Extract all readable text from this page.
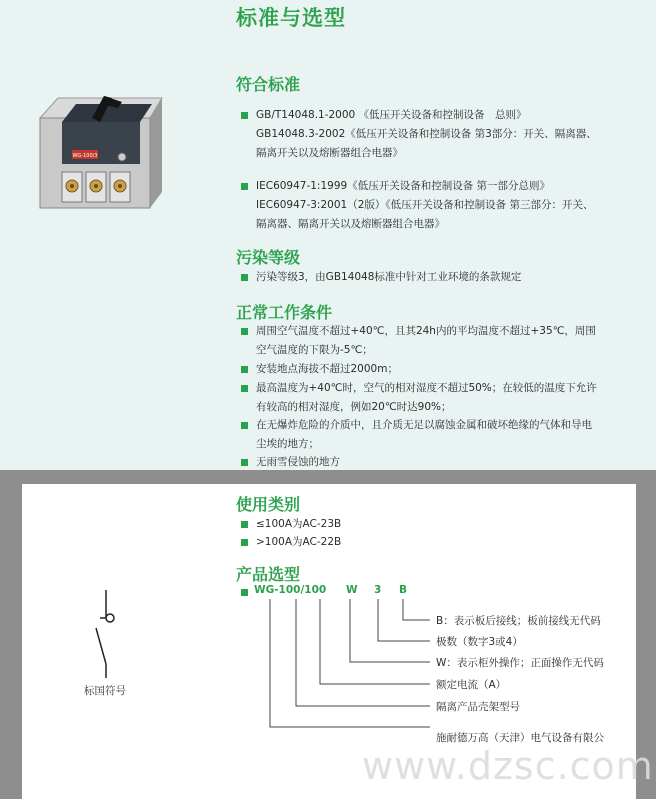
标准与选型
WG-100/3
符合标准
GB/T14048.1-2000 《低压开关设备和控制设备　总则》
GB14048.3-2002《低压开关设备和控制设备 第3部分：开关、隔离器、
隔离开关以及熔断器组合电器》
IEC60947-1:1999《低压开关设备和控制设备 第一部分总则》
IEC60947-3:2001（2版）《低压开关设备和控制设备 第三部分：开关、
隔离器、隔离开关以及熔断器组合电器》
污染等级
污染等级3，由GB14048标准中针对工业环境的条款规定
正常工作条件
周围空气温度不超过+40℃，且其24h内的平均温度不超过+35℃，周围
空气温度的下限为-5℃；
安装地点海拔不超过2000m；
最高温度为+40℃时，空气的相对湿度不超过50%；在较低的温度下允许
有较高的相对湿度，例如20℃时达90%；
在无爆炸危险的介质中，且介质无足以腐蚀金属和破坏绝缘的气体和导电
尘埃的地方；
无雨雪侵蚀的地方
使用类别
≤100A为AC-23B
>100A为AC-22B
产品选型
WG-100/100 W 3 B
B：表示板后接线；板前接线无代码
极数（数字3或4）
W：表示柜外操作；正面操作无代码
额定电流（A）
隔离产品壳架型号
施耐德万高（天津）电气设备有限公
标国符号
www.dzsc.com
